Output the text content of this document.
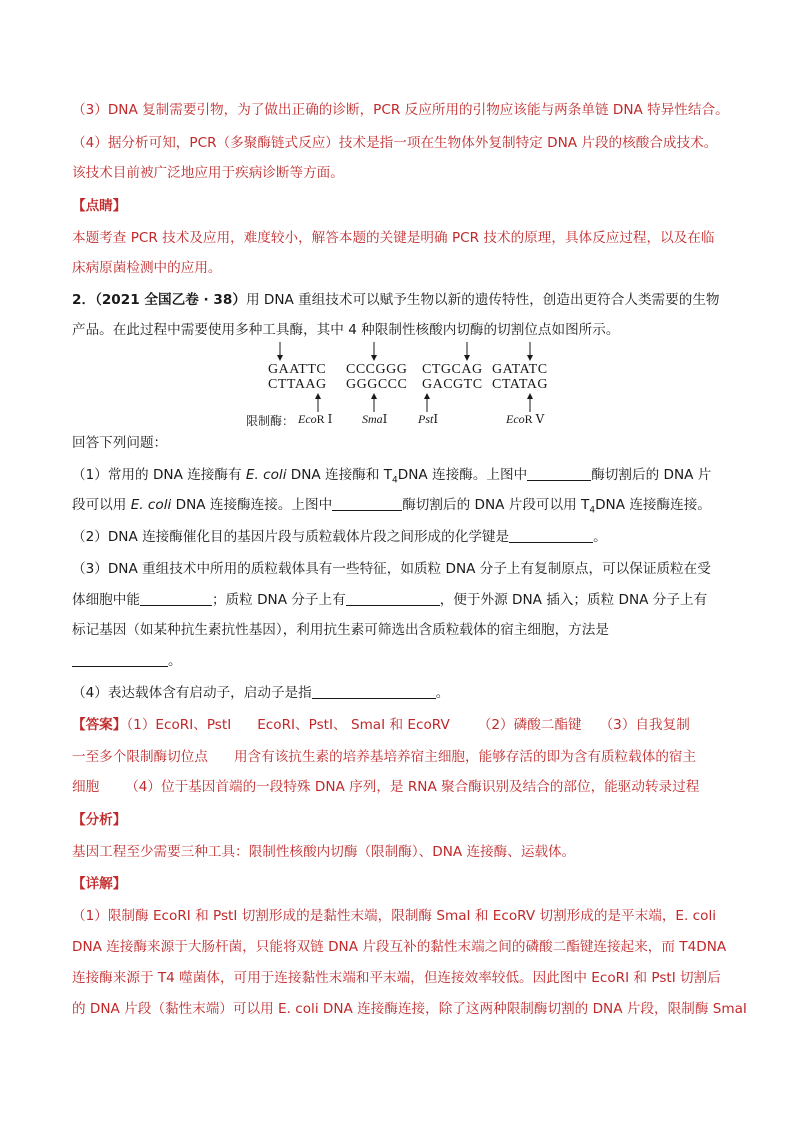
（3）DNA 复制需要引物，为了做出正确的诊断，PCR 反应所用的引物应该能与两条单链 DNA 特异性结合。
（4）据分析可知，PCR（多聚酶链式反应）技术是指一项在生物体外复制特定 DNA 片段的核酸合成技术。
该技术目前被广泛地应用于疾病诊断等方面。
【点睛】
本题考查 PCR 技术及应用，难度较小，解答本题的关键是明确 PCR 技术的原理，具体反应过程，以及在临
床病原菌检测中的应用。
2．（2021 全国乙卷 · 38）用 DNA 重组技术可以赋予生物以新的遗传特性，创造出更符合人类需要的生物
产品。在此过程中需要使用多种工具酶，其中 4 种限制性核酸内切酶的切割位点如图所示。
GAATTC
CTTAAG
CCCGGG
GGGCCC
CTGCAG
GACGTC
GATATC
CTATAG
限制酶： EcoR Ⅰ SmaⅠ	PstⅠ	EcoR Ⅴ
回答下列问题：
（1）常用的 DNA 连接酶有 E. coli DNA 连接酶和 $T_4DNA$ 连接酶。上图中	酶切割后的 DNA 片
段可以用 E. coli DNA 连接酶连接。上图中	酶切割后的 DNA 片段可以用 $T_4DNA$ 连接酶连接。
（2）DNA 连接酶催化目的基因片段与质粒载体片段之间形成的化学键是	。
（3）DNA 重组技术中所用的质粒载体具有一些特征，如质粒 DNA 分子上有复制原点，可以保证质粒在受
体细胞中能	；质粒 DNA 分子上有	，便于外源 DNA 插入；质粒 DNA 分子上有
标记基因（如某种抗生素抗性基因），利用抗生素可筛选出含质粒载体的宿主细胞，方法是
。
（4）表达载体含有启动子，启动子是指	。
【答案】（1）EcoRI、PstI EcoRI、PstI、 SmaI 和 EcoRV （2）磷酸二酯键 （3）自我复制
一至多个限制酶切位点 用含有该抗生素的培养基培养宿主细胞，能够存活的即为含有质粒载体的宿主
细胞 （4）位于基因首端的一段特殊 DNA 序列，是 RNA 聚合酶识别及结合的部位，能驱动转录过程
【分析】
基因工程至少需要三种工具：限制性核酸内切酶（限制酶）、DNA 连接酶、运载体。
【详解】
（1）限制酶 EcoRI 和 PstI 切割形成的是黏性末端，限制酶 SmaI 和 EcoRV 切割形成的是平末端，E. coli
DNA 连接酶来源于大肠杆菌，只能将双链 DNA 片段互补的黏性末端之间的磷酸二酯键连接起来，而 T4DNA
连接酶来源于 T4 噬菌体，可用于连接黏性末端和平末端，但连接效率较低。因此图中 EcoRI 和 PstI 切割后
的 DNA 片段（黏性末端）可以用 E. coli DNA 连接酶连接，除了这两种限制酶切割的 DNA 片段，限制酶 SmaI
